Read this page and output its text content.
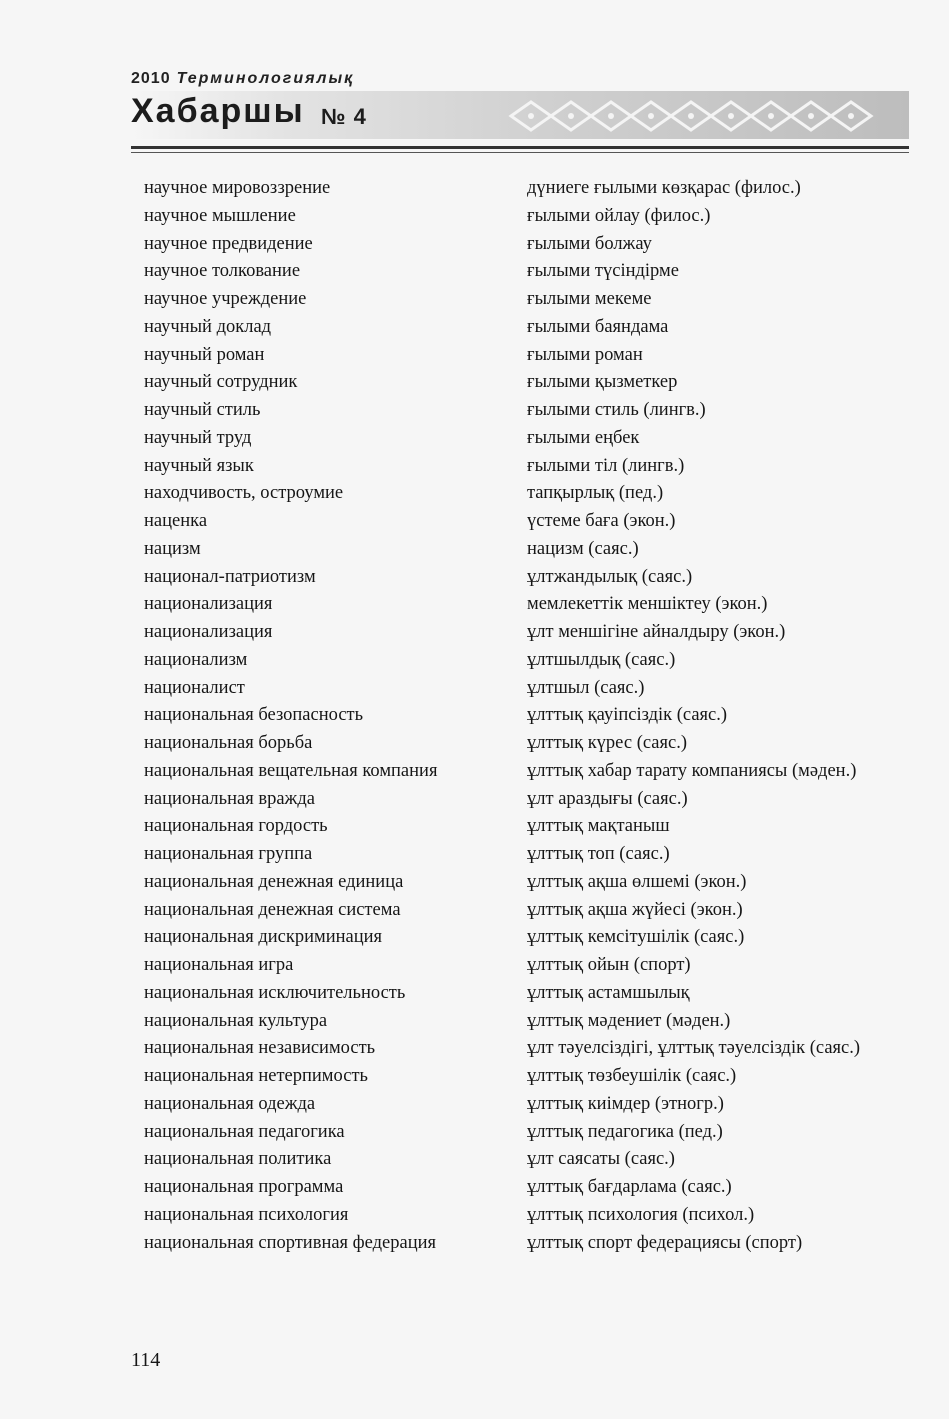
2010 Терминологиялық
Хабаршы № 4
научное мировоззрение	дүниеге ғылыми көзқарас (филос.)
научное мышление	ғылыми ойлау (филос.)
научное предвидение	ғылыми болжау
научное толкование	ғылыми түсіндірме
научное учреждение	ғылыми мекеме
научный доклад	ғылыми баяндама
научный роман	ғылыми роман
научный сотрудник	ғылыми қызметкер
научный стиль	ғылыми стиль (лингв.)
научный труд	ғылыми еңбек
научный язык	ғылыми тіл (лингв.)
находчивость, остроумие	тапқырлық (пед.)
наценка	үстеме баға (экон.)
нацизм	нацизм (саяс.)
национал-патриотизм	ұлтжандылық (саяс.)
национализация	мемлекеттік меншіктеу (экон.)
национализация	ұлт меншігіне айналдыру (экон.)
национализм	ұлтшылдық (саяс.)
националист	ұлтшыл (саяс.)
национальная безопасность	ұлттық қауіпсіздік (саяс.)
национальная борьба	ұлттық күрес (саяс.)
национальная вещательная компания	ұлттық хабар тарату компаниясы (мәден.)
национальная вражда	ұлт араздығы (саяс.)
национальная гордость	ұлттық мақтаныш
национальная группа	ұлттық топ (саяс.)
национальная денежная единица	ұлттық ақша өлшемі (экон.)
национальная денежная система	ұлттық ақша жүйесі (экон.)
национальная дискриминация	ұлттық кемсітушілік (саяс.)
национальная игра	ұлттық ойын (спорт)
национальная исключительность	ұлттық астамшылық
национальная культура	ұлттық мәдениет (мәден.)
национальная независимость	ұлт тәуелсіздігі, ұлттық тәуелсіздік (саяс.)
национальная нетерпимость	ұлттық төзбеушілік (саяс.)
национальная одежда	ұлттық киімдер (этногр.)
национальная педагогика	ұлттық педагогика (пед.)
национальная политика	ұлт саясаты (саяс.)
национальная программа	ұлттық бағдарлама (саяс.)
национальная психология	ұлттық психология (психол.)
национальная спортивная федерация	ұлттық спорт федерациясы (спорт)
114
